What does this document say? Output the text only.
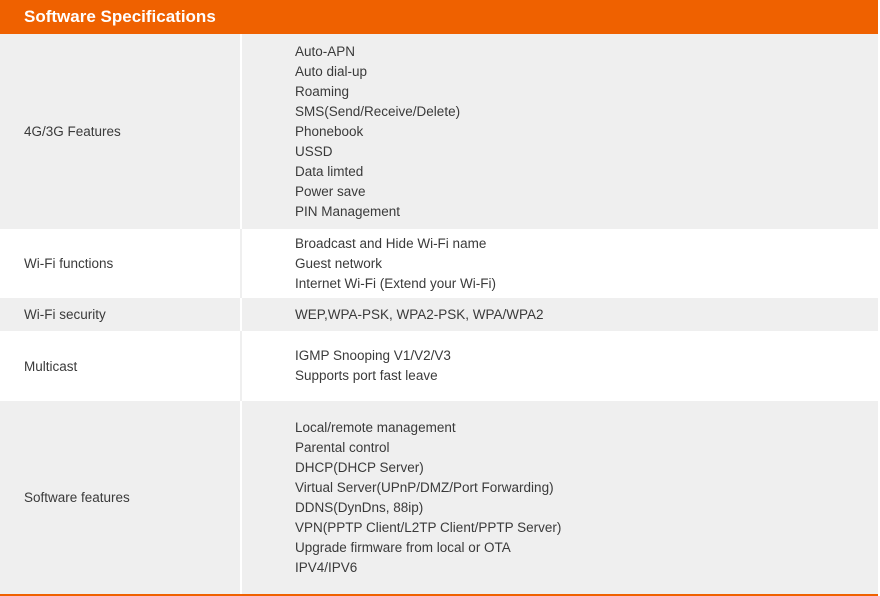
Software Specifications
4G/3G Features
Auto-APN
Auto dial-up
Roaming
SMS(Send/Receive/Delete)
Phonebook
USSD
Data limted
Power save
PIN Management
Wi-Fi functions
Broadcast and Hide Wi-Fi name
Guest network
Internet Wi-Fi (Extend your Wi-Fi)
Wi-Fi security	WEP,WPA-PSK, WPA2-PSK, WPA/WPA2
Multicast
IGMP Snooping V1/V2/V3
Supports port fast leave
Software features
Local/remote management
Parental control
DHCP(DHCP Server)
Virtual Server(UPnP/DMZ/Port Forwarding)
DDNS(DynDns, 88ip)
VPN(PPTP Client/L2TP Client/PPTP Server)
Upgrade firmware from local or OTA
IPV4/IPV6
